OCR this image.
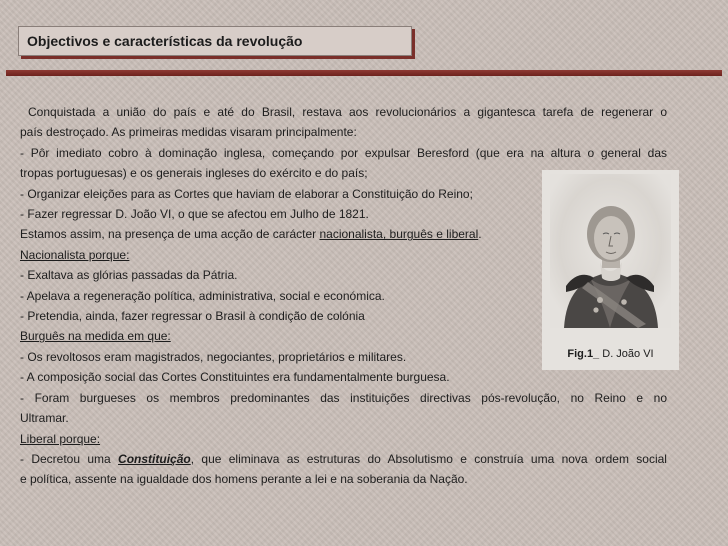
Objectivos e características da revolução
Conquistada a união do país e até do Brasil, restava aos revolucionários a gigantesca tarefa de regenerar o
país destroçado. As primeiras medidas visaram principalmente:
- Pôr imediato cobro à dominação inglesa, começando por expulsar Beresford (que era na altura o general das
tropas portuguesas) e os generais ingleses do exército e do país;
- Organizar eleições para as Cortes que haviam de elaborar a Constituição do Reino;
- Fazer regressar D. João VI, o que se afectou em Julho de 1821.
Estamos assim, na presença de uma acção de carácter nacionalista, burguês e liberal.
Nacionalista porque:
- Exaltava as glórias passadas da Pátria.
- Apelava a regeneração política, administrativa, social e económica.
- Pretendia, ainda, fazer regressar o Brasil à condição de colónia
Burguês na medida em que:
- Os revoltosos eram magistrados, negociantes, proprietários e militares.
- A composição social das Cortes Constituintes era fundamentalmente burguesa.
- Foram burgueses os membros predominantes das instituições directivas pós-revolução, no Reino e no
Ultramar.
Liberal porque:
- Decretou uma Constituição, que eliminava as estruturas do Absolutismo e construía uma nova ordem social
e política, assente na igualdade dos homens perante a lei e na soberania da Nação.
Fig.1_ D. João VI
